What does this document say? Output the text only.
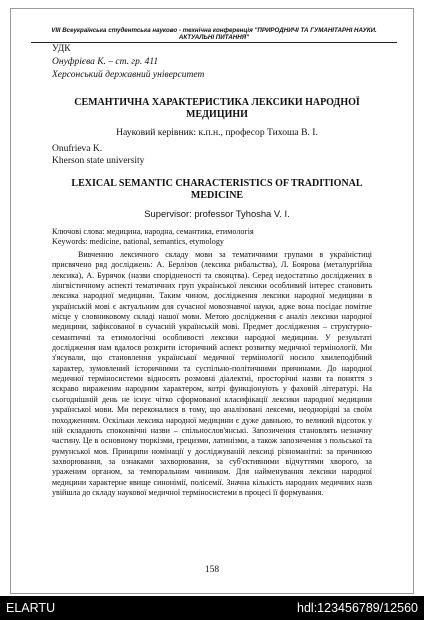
VIII Всеукраїнська студентська науково - технічна конференція "ПРИРОДНИЧІ ТА ГУМАНІТАРНІ НАУКИ.
АКТУАЛЬНІ ПИТАННЯ"
УДК
Онуфрієва К. – ст. гр. 411
Херсонський державний університет
СЕМАНТИЧНА ХАРАКТЕРИСТИКА ЛЕКСИКИ НАРОДНОЇ МЕДИЦИНИ
Науковий керівник: к.п.н., професор Тихоша В. І.
Onufrieva K.
Kherson state university
LEXICAL SEMANTIC CHARACTERISTICS OF TRADITIONAL MEDICINE
Supervisor: professor Tyhosha V. I.
Ключові слова: медицина, народна, семантика, етимологія
Keywords: medicine, national, semantics, etymology
Вивченню лексичного складу мови за тематичними групами в україністиці присвячено ряд досліджень: А. Берлізов (лексика рибальства), Л. Боярова (металургійна лексика), А. Бурячок (назви спорідненості та свояцтва). Серед недостатньо досліджених в лінгвістичному аспекті тематичних груп української лексики особливий інтерес становить лексика народної медицини. Таким чином, дослідження лексики народної медицини в українській мові є актуальним для сучасної мовознавчої науки, адже вона посідає помітне місце у словниковому складі нашої мови. Метою дослідження є аналіз лексики народної медицини, зафіксованої в сучасній українській мові. Предмет дослідження – структурно-семантичні та етимологічні особливості лексики народної медицини. У результаті дослідження нам вдалося розкрити історичний аспект розвитку медичної термінології. Ми з'ясували, що становлення української медичної термінології носило хвилеподібний характер, зумовлений історичними та суспільно-політичними причинами. До народної медичної терміносистеми відносять розмовні діалектні, просторічні назви та поняття з яскраво вираженим народним характером, котрі функціонують у фаховій літературі. На сьогоднішній день не існує чітко сформованої класифікації лексики народної медицини української мови. Ми переконалися в тому, що аналізовані лексеми, неоднорідні за своїм походженням. Оскільки лексика народної медицини є дуже давньою, то великий відсоток у ній складають споконвічні назви – спільнослов'янські. Запозичення становлять незначну частину. Це в основному тюркізми, грецизми, латинізми, а також запозичення з польської та румунської мов. Принципи номінації у досліджуваній лексиці різноманітні: за причиною захворювання, за ознаками захворювання, за суб'єктивними відчуттями хворого, за ураженим органом, за темпоральним чинником. Для найменування лексики народної медицини характерне явище синонімії, полісемії. Значна кількість народних медичних назв увійшла до складу наукової медичної терміносистеми в процесі її формування.
158
ELARTU	hdl:123456789/12560
